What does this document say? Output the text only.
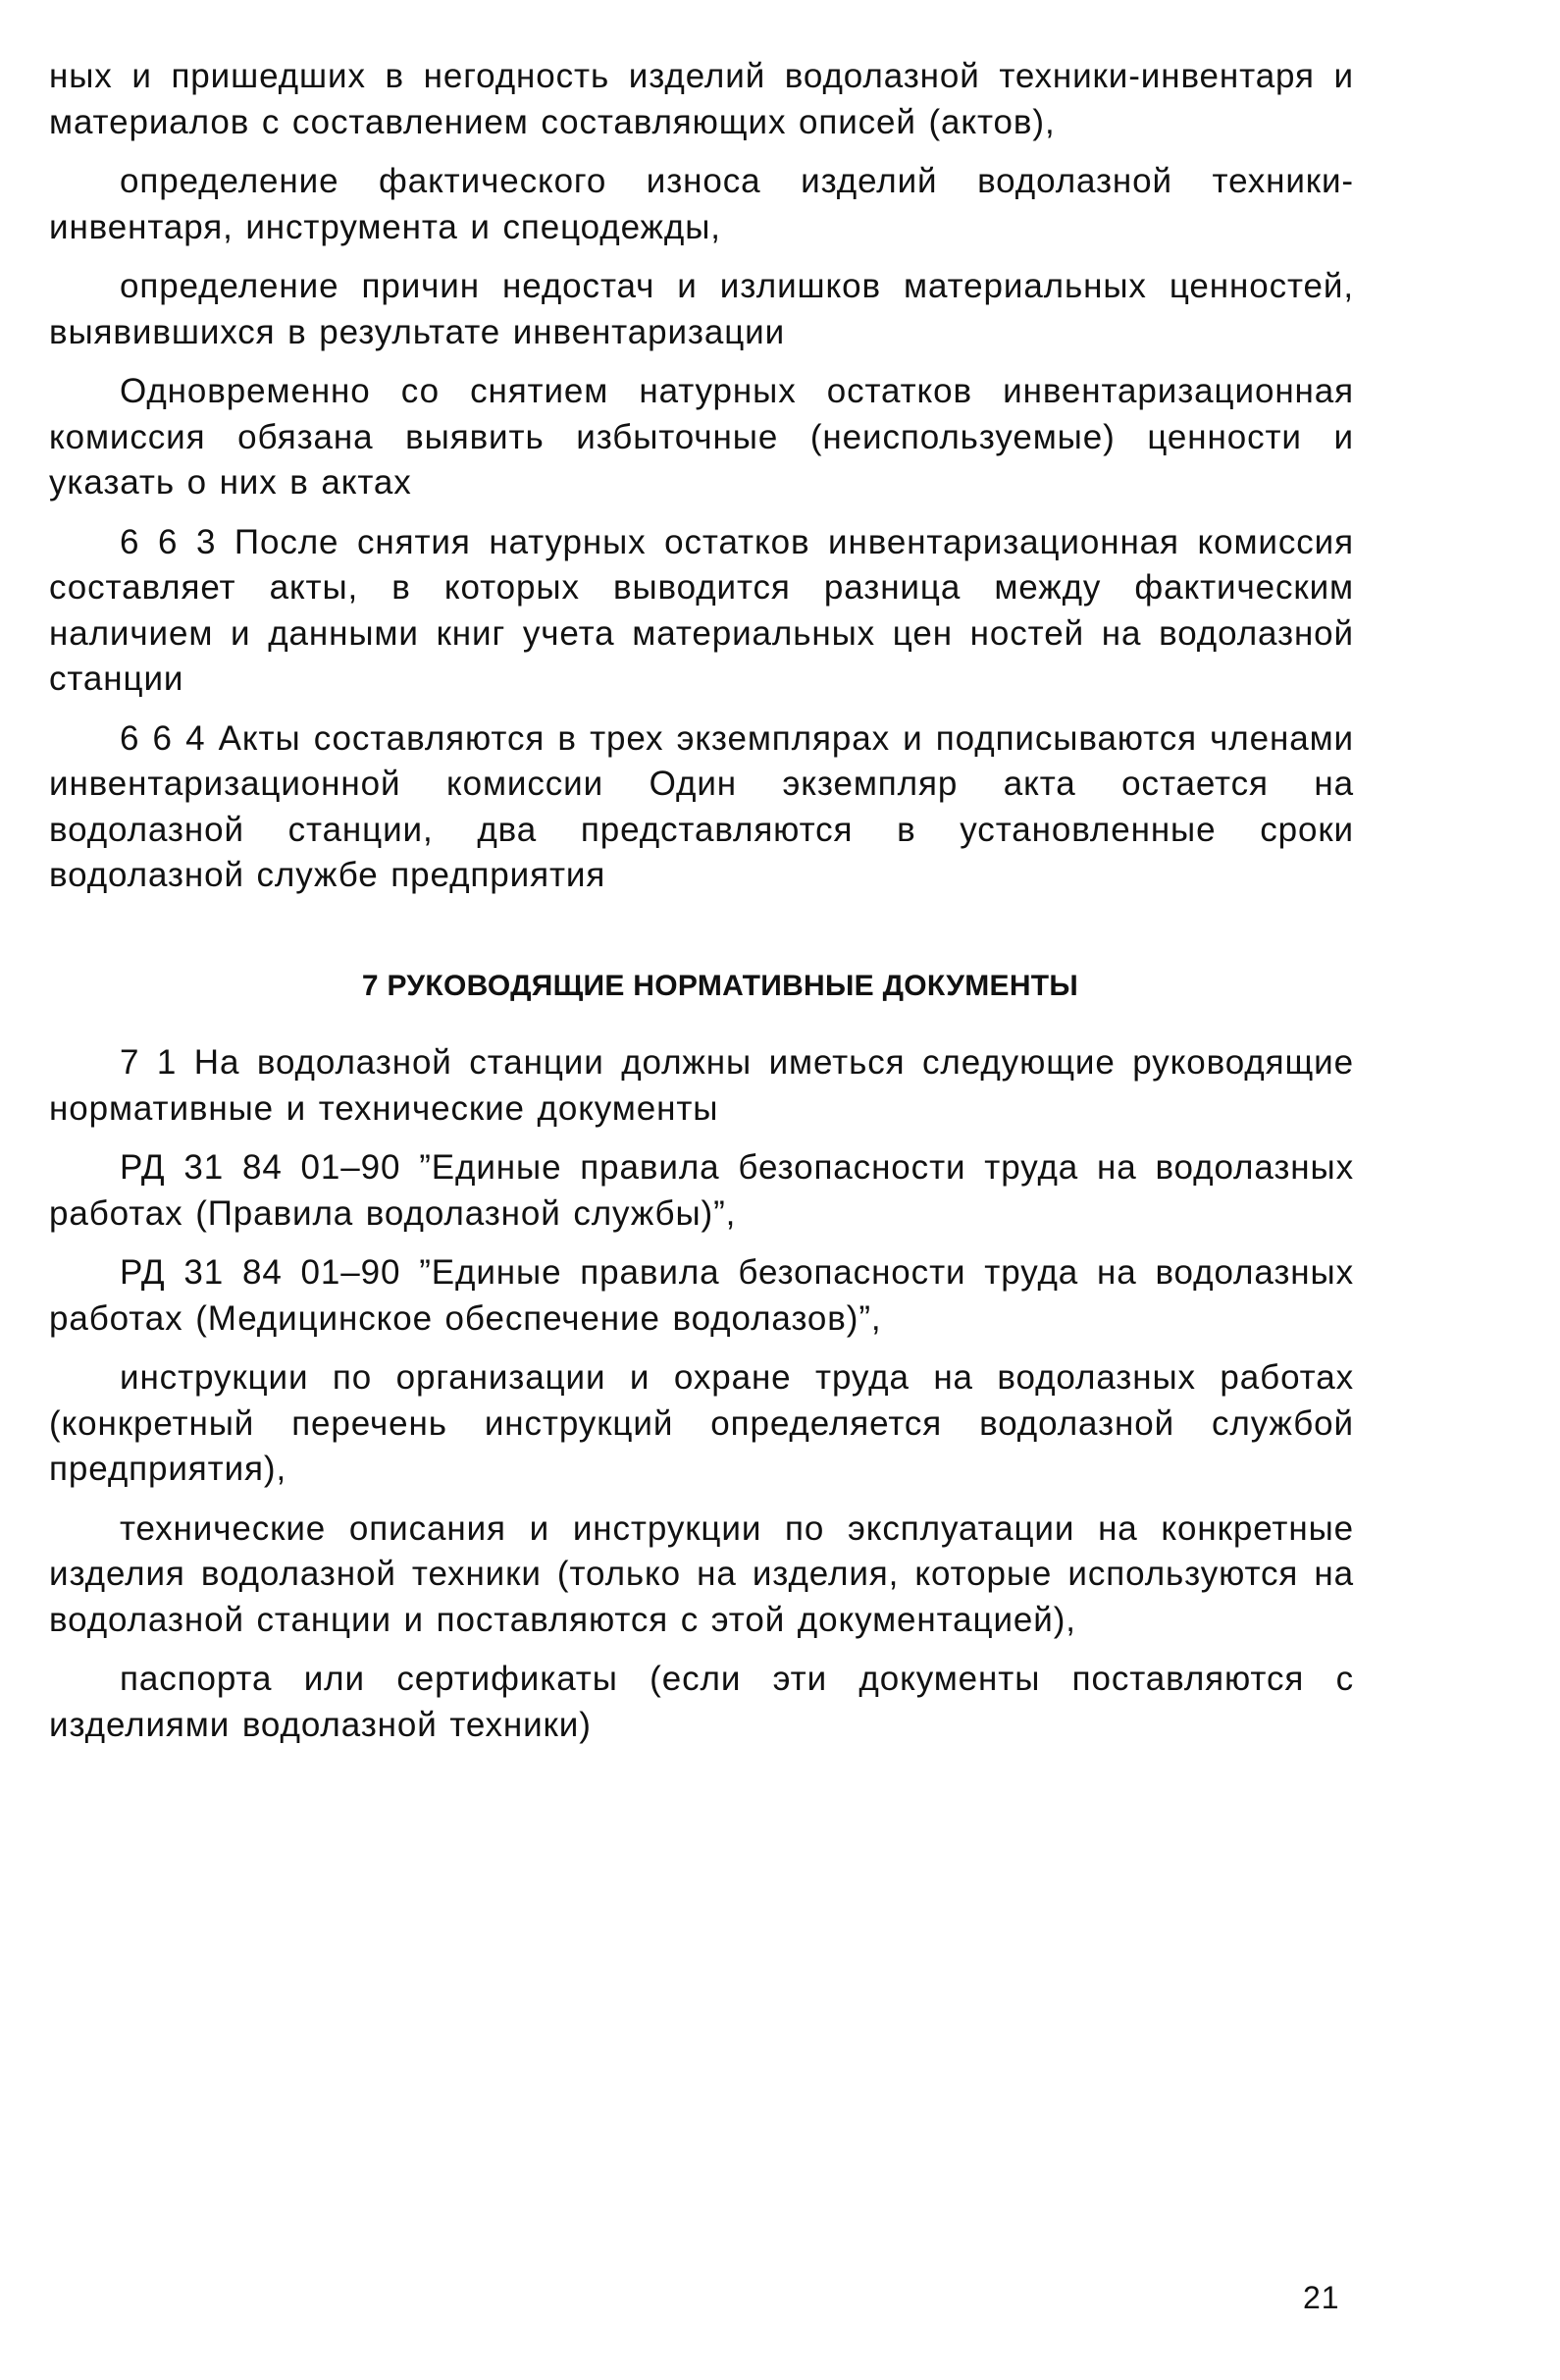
ных и пришедших в негодность изделий водолазной техники-инвентаря и материалов с составлением составляющих описей (актов),

определение фактического износа изделий водолазной техники-инвентаря, инструмента и спецодежды,

определение причин недостач и излишков материальных ценностей, выявившихся в результате инвентаризации

Одновременно со снятием натурных остатков инвентаризационная комиссия обязана выявить избыточные (неиспользуемые) ценности и указать о них в актах

6 6 3 После снятия натурных остатков инвентаризационная комиссия составляет акты, в которых выводится разница между фактическим наличием и данными книг учета материальных цен ностей на водолазной станции

6 6 4 Акты составляются в трех экземплярах и подписываются членами инвентаризационной комиссии Один экземпляр акта остается на водолазной станции, два представляются в установленные сроки водолазной службе предприятия

7 РУКОВОДЯЩИЕ НОРМАТИВНЫЕ ДОКУМЕНТЫ

7 1 На водолазной станции должны иметься следующие руководящие нормативные и технические документы

РД 31 84 01–90 ”Единые правила безопасности труда на водолазных работах (Правила водолазной службы)”,

РД 31 84 01–90 ”Единые правила безопасности труда на водолазных работах (Медицинское обеспечение водолазов)”,

инструкции по организации и охране труда на водолазных работах (конкретный перечень инструкций определяется водолазной службой предприятия),

технические описания и инструкции по эксплуатации на конкретные изделия водолазной техники (только на изделия, которые используются на водолазной станции и поставляются с этой документацией),

паспорта или сертификаты (если эти документы поставляются с изделиями водолазной техники)

21
